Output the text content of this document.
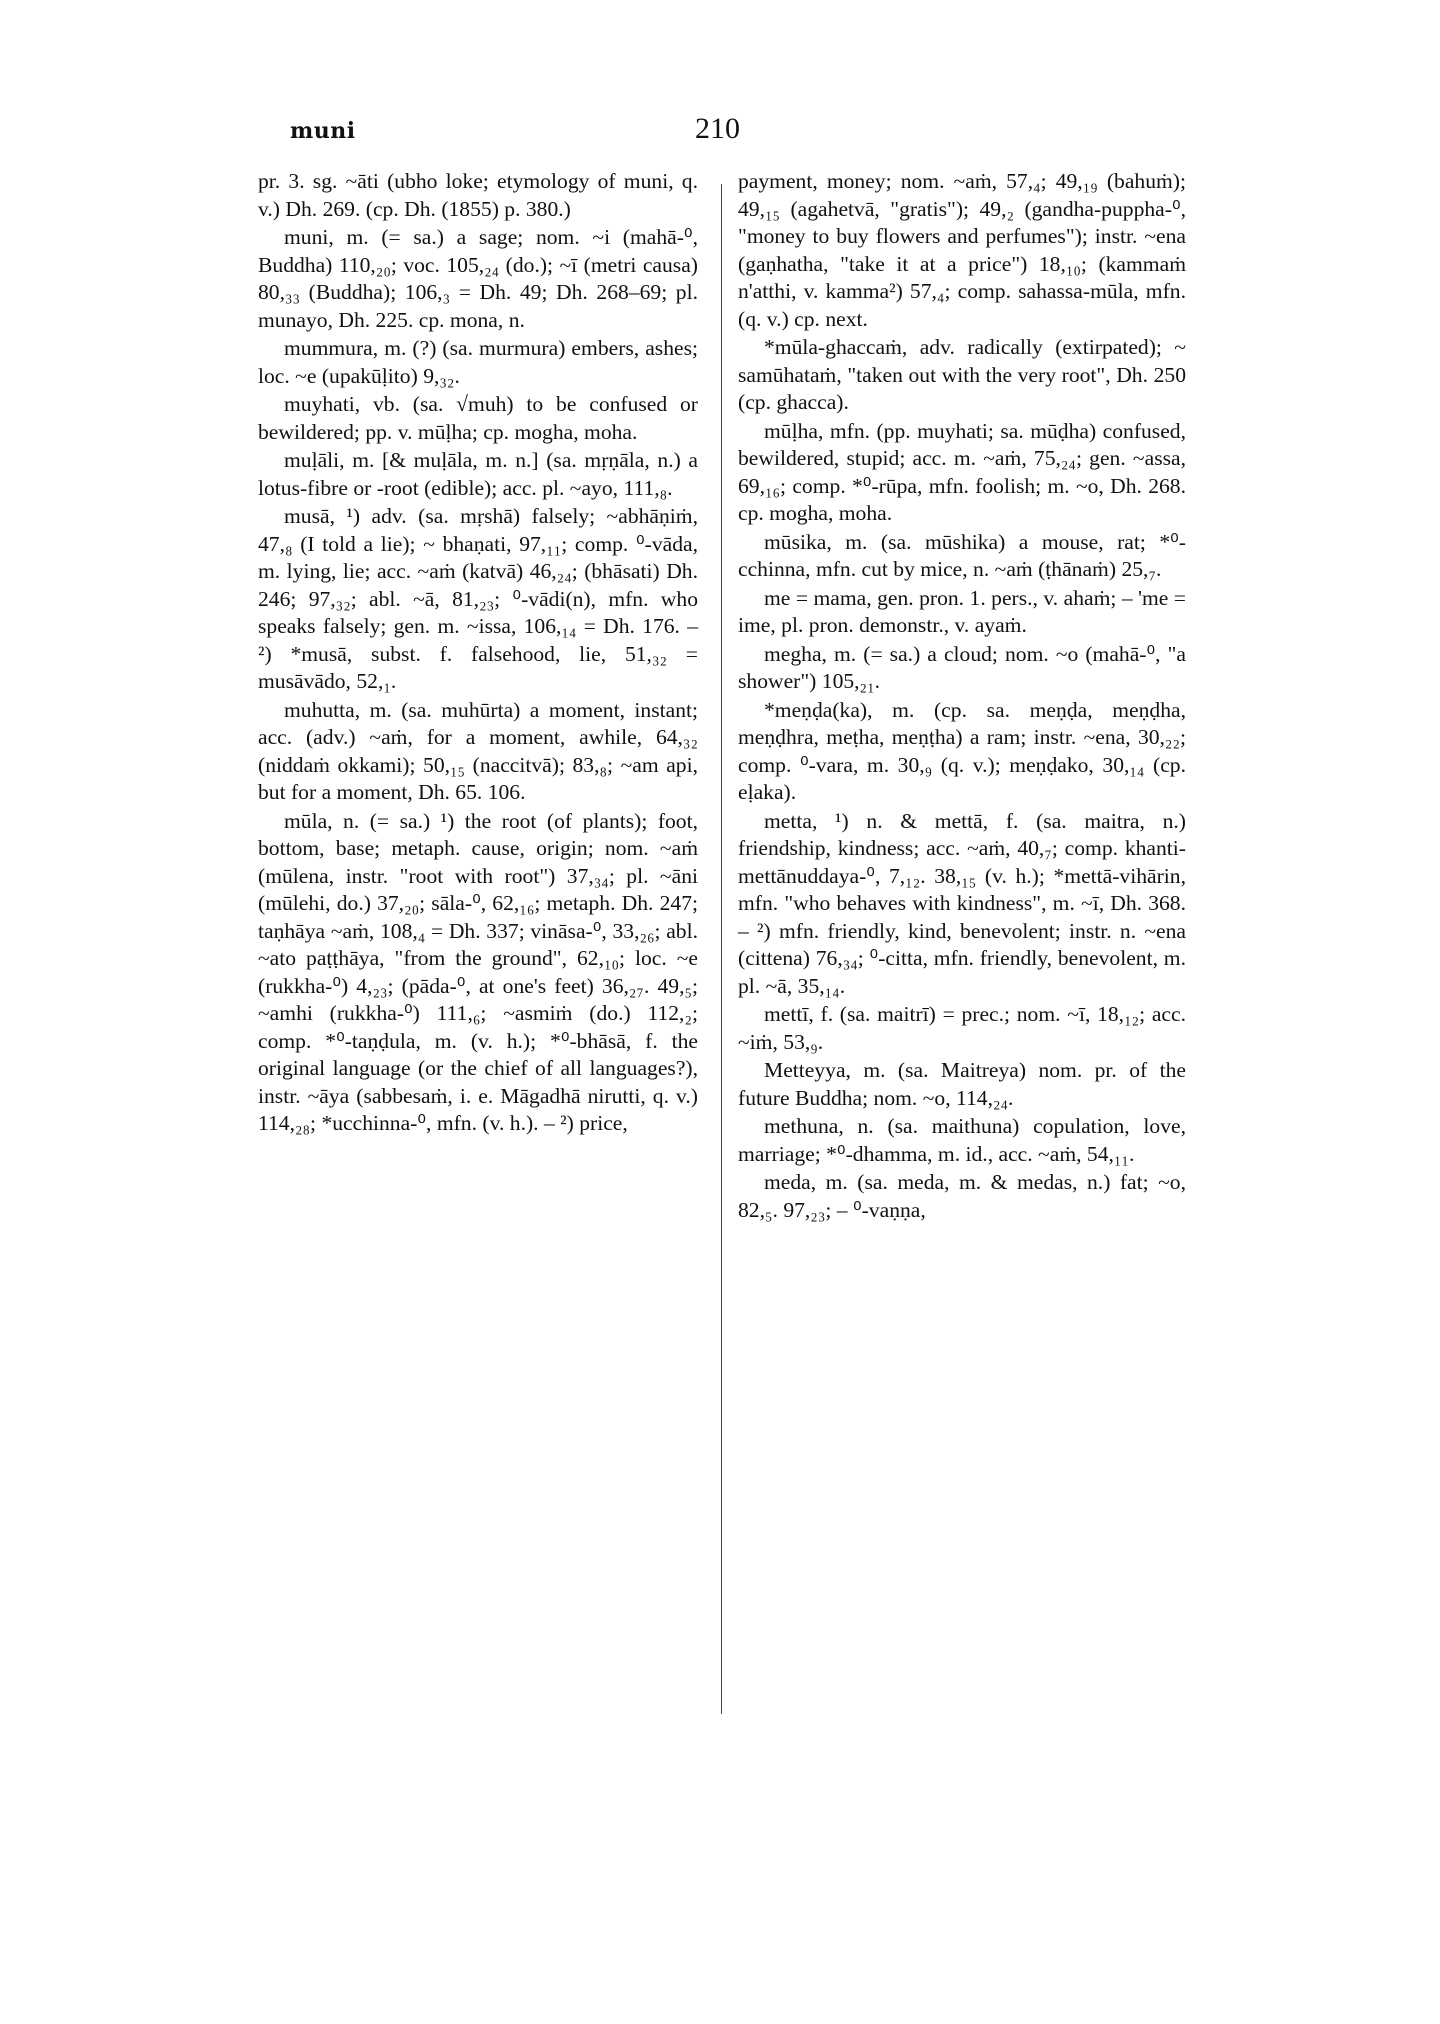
muni	210

pr. 3. sg. ~āti (ubho loke; etymology of muni, q. v.) Dh. 269. (cp. Dh. (1855) p. 380.)

muni, m. (= sa.) a sage; nom. ~i (mahā-⁰, Buddha) 110,₂₀; voc. 105,₂₄ (do.); ~ī (metri causa) 80,₃₃ (Buddha); 106,₃ = Dh. 49; Dh. 268–69; pl. munayo, Dh. 225. cp. mona, n.

mummura, m. (?) (sa. murmura) embers, ashes; loc. ~e (upakūḷito) 9,₃₂.

muyhati, vb. (sa. √muh) to be confused or bewildered; pp. v. mūḷha; cp. mogha, moha.

muḷāli, m. [& muḷāla, m. n.] (sa. mṛṇāla, n.) a lotus-fibre or -root (edible); acc. pl. ~ayo, 111,₈.

musā, ¹) adv. (sa. mṛshā) falsely; ~abhāṇiṁ, 47,₈ (I told a lie); ~ bhaṇati, 97,₁₁; comp. ⁰-vāda, m. lying, lie; acc. ~aṁ (katvā) 46,₂₄; (bhāsati) Dh. 246; 97,₃₂; abl. ~ā, 81,₂₃; ⁰-vādi(n), mfn. who speaks falsely; gen. m. ~issa, 106,₁₄ = Dh. 176. – ²) *musā, subst. f. falsehood, lie, 51,₃₂ = musāvādo, 52,₁.

muhutta, m. (sa. muhūrta) a moment, instant; acc. (adv.) ~aṁ, for a moment, awhile, 64,₃₂ (niddaṁ okkami); 50,₁₅ (naccitvā); 83,₈; ~am api, but for a moment, Dh. 65. 106.

mūla, n. (= sa.) ¹) the root (of plants); foot, bottom, base; metaph. cause, origin; nom. ~aṁ (mūlena, instr. "root with root") 37,₃₄; pl. ~āni (mūlehi, do.) 37,₂₀; sāla-⁰, 62,₁₆; metaph. Dh. 247; taṇhāya ~aṁ, 108,₄ = Dh. 337; vināsa-⁰, 33,₂₆; abl. ~ato paṭṭhāya, "from the ground", 62,₁₀; loc. ~e (rukkha-⁰) 4,₂₃; (pāda-⁰, at one's feet) 36,₂₇. 49,₅; ~amhi (rukkha-⁰) 111,₆; ~asmiṁ (do.) 112,₂; comp. *⁰-taṇḍula, m. (v. h.); *⁰-bhāsā, f. the original language (or the chief of all languages?), instr. ~āya (sabbesaṁ, i. e. Māgadhā nirutti, q. v.) 114,₂₈; *ucchinna-⁰, mfn. (v. h.). – ²) price,

payment, money; nom. ~aṁ, 57,₄; 49,₁₉ (bahuṁ); 49,₁₅ (agahetvā, "gratis"); 49,₂ (gandha-puppha-⁰, "money to buy flowers and perfumes"); instr. ~ena (gaṇhatha, "take it at a price") 18,₁₀; (kammaṁ n'atthi, v. kamma²) 57,₄; comp. sahassa-mūla, mfn. (q. v.) cp. next.

*mūla-ghaccaṁ, adv. radically (extirpated); ~ samūhataṁ, "taken out with the very root", Dh. 250 (cp. ghacca).

mūḷha, mfn. (pp. muyhati; sa. mūḍha) confused, bewildered, stupid; acc. m. ~aṁ, 75,₂₄; gen. ~assa, 69,₁₆; comp. *⁰-rūpa, mfn. foolish; m. ~o, Dh. 268. cp. mogha, moha.

mūsika, m. (sa. mūshika) a mouse, rat; *⁰-cchinna, mfn. cut by mice, n. ~aṁ (ṭhānaṁ) 25,₇.

me = mama, gen. pron. 1. pers., v. ahaṁ; – 'me = ime, pl. pron. demonstr., v. ayaṁ.

megha, m. (= sa.) a cloud; nom. ~o (mahā-⁰, "a shower") 105,₂₁.

*meṇḍa(ka), m. (cp. sa. meṇḍa, meṇḍha, meṇḍhra, meṭha, meṇṭha) a ram; instr. ~ena, 30,₂₂; comp. ⁰-vara, m. 30,₉ (q. v.); meṇḍako, 30,₁₄ (cp. eḷaka).

metta, ¹) n. & mettā, f. (sa. maitra, n.) friendship, kindness; acc. ~aṁ, 40,₇; comp. khanti-mettānuddaya-⁰, 7,₁₂. 38,₁₅ (v. h.); *mettā-vihārin, mfn. "who behaves with kindness", m. ~ī, Dh. 368. – ²) mfn. friendly, kind, benevolent; instr. n. ~ena (cittena) 76,₃₄; ⁰-citta, mfn. friendly, benevolent, m. pl. ~ā, 35,₁₄.

mettī, f. (sa. maitrī) = prec.; nom. ~ī, 18,₁₂; acc. ~iṁ, 53,₉.

Metteyya, m. (sa. Maitreya) nom. pr. of the future Buddha; nom. ~o, 114,₂₄.

methuna, n. (sa. maithuna) copulation, love, marriage; *⁰-dhamma, m. id., acc. ~aṁ, 54,₁₁.

meda, m. (sa. meda, m. & medas, n.) fat; ~o, 82,₅. 97,₂₃; – ⁰-vaṇṇa,
